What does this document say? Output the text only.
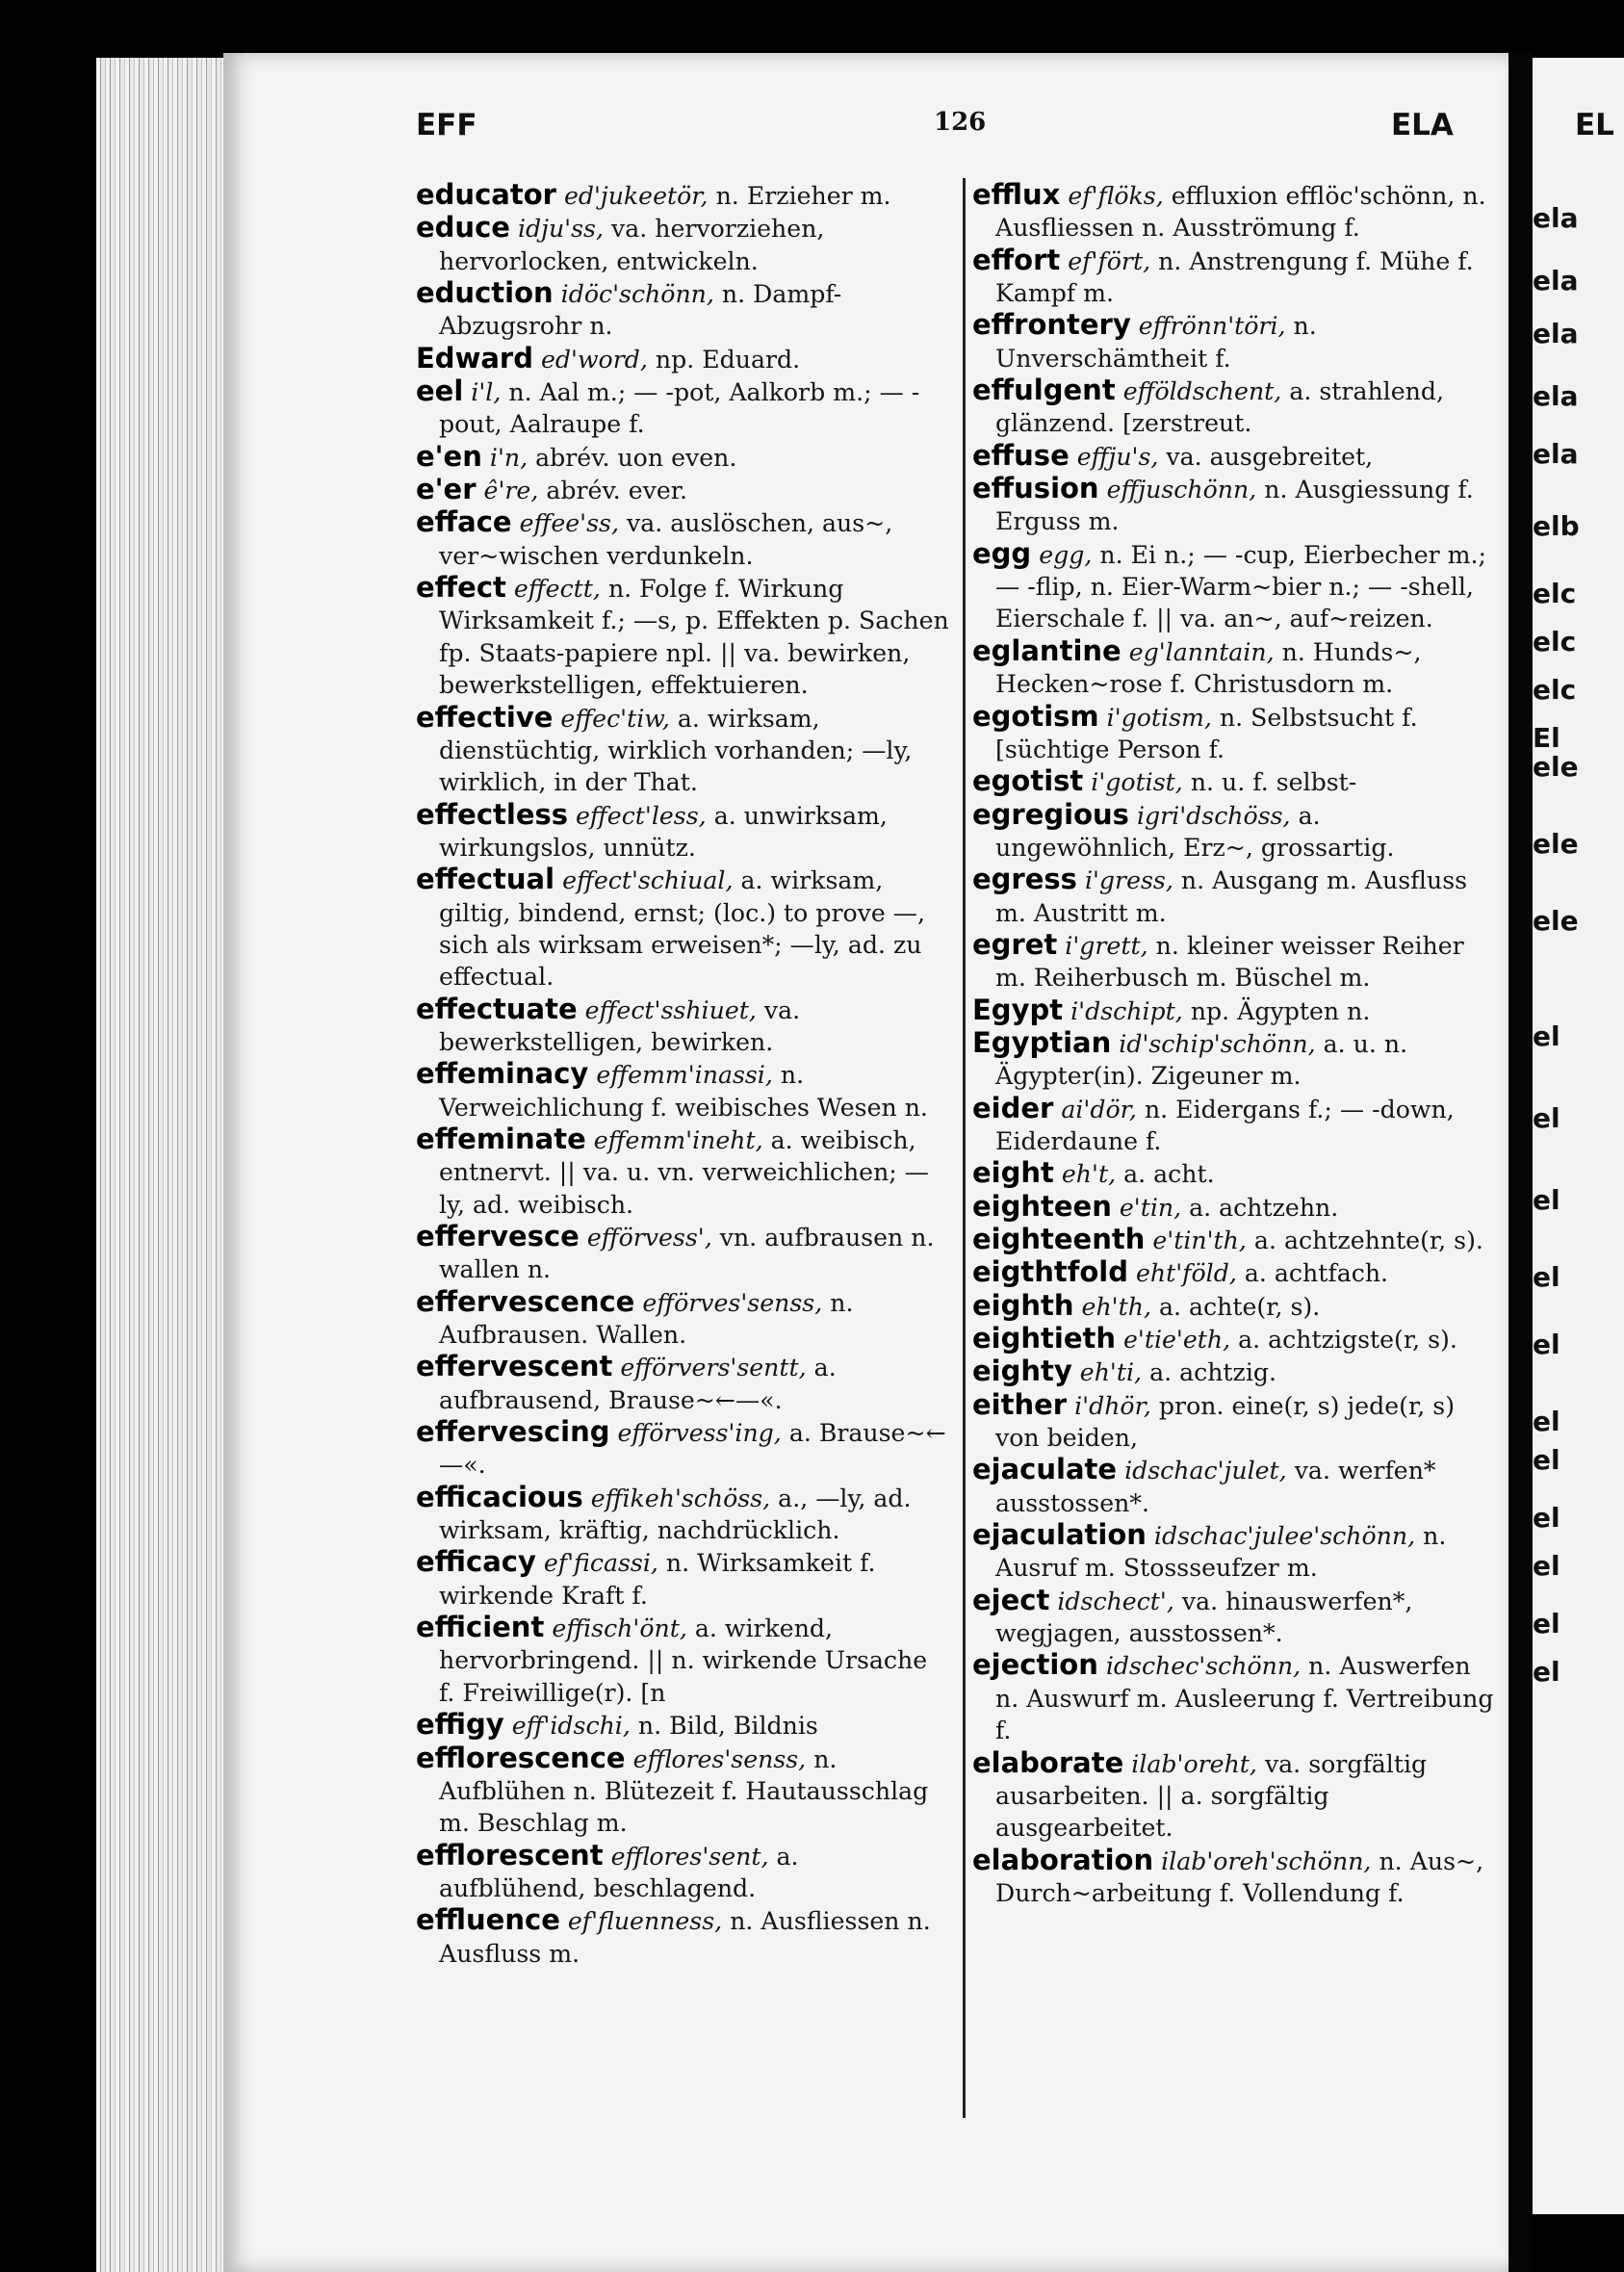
ela
ela
ela
ela
ela
elb
elc
elc
elc
El
ele
ele
ele
el
el
el
el
el
el
el
el
el
el
el
EFF	126	ELA	EL

educator ed'jukeetör, n. Erzieher m.

educe idju'ss, va. hervorziehen, hervorlocken, entwickeln.

eduction idöc'schönn, n. Dampf-Abzugsrohr n.

Edward ed'word, np. Eduard.

eel i'l, n. Aal m.; — -pot, Aalkorb m.; — -pout, Aalraupe f.

e'en i'n, abrév. uon even.

e'er ê're, abrév. ever.

efface effee'ss, va. auslöschen, aus~, ver~wischen verdunkeln.

effect effectt, n. Folge f. Wirkung Wirksamkeit f.; —s, p. Effekten p. Sachen fp. Staats-papiere npl. || va. bewirken, bewerkstelligen, effektuieren.

effective effec'tiw, a. wirksam, dienstüchtig, wirklich vorhanden; —ly, wirklich, in der That.

effectless effect'less, a. unwirksam, wirkungslos, unnütz.

effectual effect'schiual, a. wirksam, giltig, bindend, ernst; (loc.) to prove —, sich als wirksam erweisen*; —ly, ad. zu effectual.

effectuate effect'sshiuet, va. bewerkstelligen, bewirken.

effeminacy effemm'inassi, n. Verweichlichung f. weibisches Wesen n.

effeminate effemm'ineht, a. weibisch, entnervt. || va. u. vn. verweichlichen; —ly, ad. weibisch.

effervesce efförvess', vn. aufbrausen n. wallen n.

effervescence efförves'senss, n. Aufbrausen. Wallen.

effervescent efförvers'sentt, a. aufbrausend, Brause~←—«.

effervescing efförvess'ing, a. Brause~←—«.

efficacious effikeh'schöss, a., —ly, ad. wirksam, kräftig, nachdrücklich.

efficacy ef'ficassi, n. Wirksamkeit f. wirkende Kraft f.

efficient effisch'önt, a. wirkend, hervorbringend. || n. wirkende Ursache f. Freiwillige(r). [n

effigy eff'idschi, n. Bild, Bildnis

efflorescence efflores'senss, n. Aufblühen n. Blütezeit f. Hautausschlag m. Beschlag m.

efflorescent efflores'sent, a. aufblühend, beschlagend.

effluence ef'fluenness, n. Ausfliessen n. Ausfluss m.

efflux ef'flöks, effluxion efflöc'schönn, n. Ausfliessen n. Ausströmung f.

effort ef'fört, n. Anstrengung f. Mühe f. Kampf m.

effrontery effrönn'töri, n. Unverschämtheit f.

effulgent efföldschent, a. strahlend, glänzend. [zerstreut.

effuse effju's, va. ausgebreitet,

effusion effjuschönn, n. Ausgiessung f. Erguss m.

egg egg, n. Ei n.; — -cup, Eierbecher m.; — -flip, n. Eier-Warm~bier n.; — -shell, Eierschale f. || va. an~, auf~reizen.

eglantine eg'lanntain, n. Hunds~, Hecken~rose f. Christusdorn m.

egotism i'gotism, n. Selbstsucht f. [süchtige Person f.

egotist i'gotist, n. u. f. selbst-

egregious igri'dschöss, a. ungewöhnlich, Erz~, grossartig.

egress i'gress, n. Ausgang m. Ausfluss m. Austritt m.

egret i'grett, n. kleiner weisser Reiher m. Reiherbusch m. Büschel m.

Egypt i'dschipt, np. Ägypten n.

Egyptian id'schip'schönn, a. u. n. Ägypter(in). Zigeuner m.

eider ai'dör, n. Eidergans f.; — -down, Eiderdaune f.

eight eh't, a. acht.

eighteen e'tin, a. achtzehn.

eighteenth e'tin'th, a. achtzehnte(r, s).

eigthtfold eht'föld, a. achtfach.

eighth eh'th, a. achte(r, s).

eightieth e'tie'eth, a. achtzigste(r, s).

eighty eh'ti, a. achtzig.

either i'dhör, pron. eine(r, s) jede(r, s) von beiden,

ejaculate idschac'julet, va. werfen* ausstossen*.

ejaculation idschac'julee'schönn, n. Ausruf m. Stossseufzer m.

eject idschect', va. hinauswerfen*, wegjagen, ausstossen*.

ejection idschec'schönn, n. Auswerfen n. Auswurf m. Ausleerung f. Vertreibung f.

elaborate ilab'oreht, va. sorgfältig ausarbeiten. || a. sorgfältig ausgearbeitet.

elaboration ilab'oreh'schönn, n. Aus~, Durch~arbeitung f. Vollendung f.
